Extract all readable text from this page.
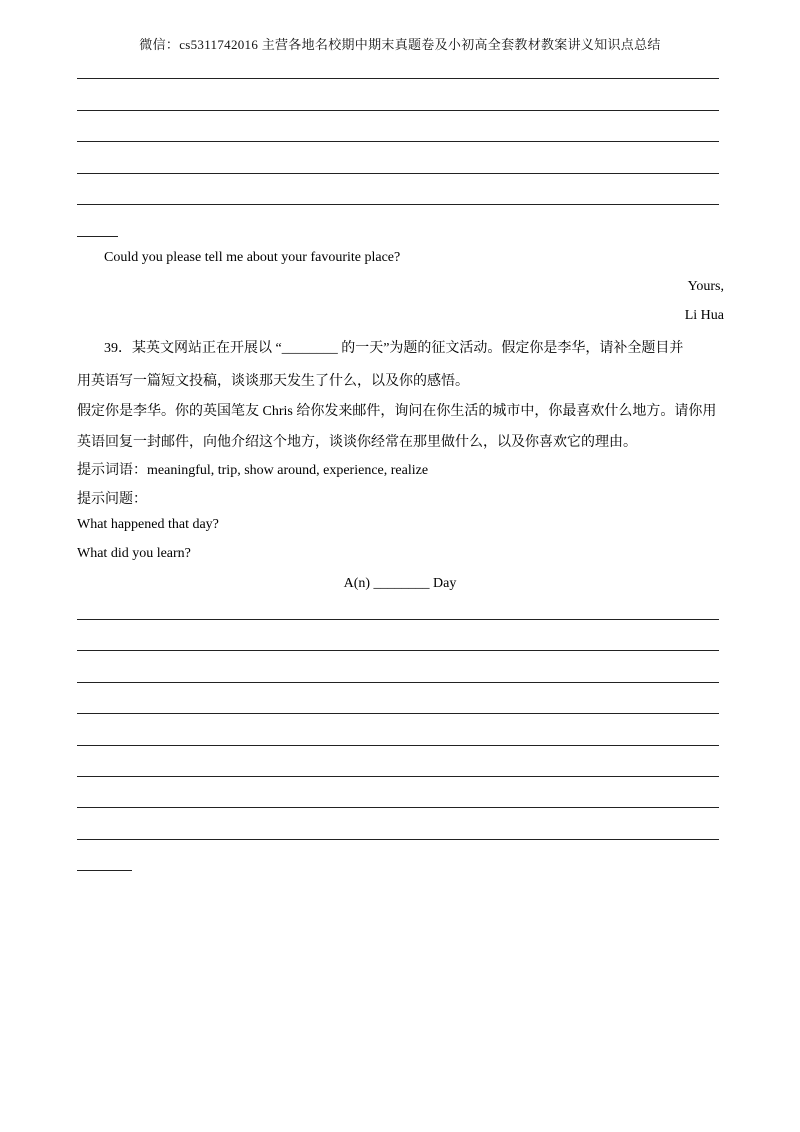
微信：cs5311742016 主营各地名校期中期末真题卷及小初高全套教材教案讲义知识点总结
Could you please tell me about your favourite place?
Yours,
Li Hua
39．某英文网站正在开展以 “________ 的一天”为题的征文活动。假定你是李华，请补全题目并
用英语写一篇短文投稿，谈谈那天发生了什么，以及你的感悟。
假定你是李华。你的英国笔友 Chris 给你发来邮件，询问在你生活的城市中，你最喜欢什么地方。请你用
英语回复一封邮件，向他介绍这个地方，谈谈你经常在那里做什么，以及你喜欢它的理由。
提示词语：meaningful, trip, show around, experience, realize
提示问题：
What happened that day?
What did you learn?
A(n) ________ Day
